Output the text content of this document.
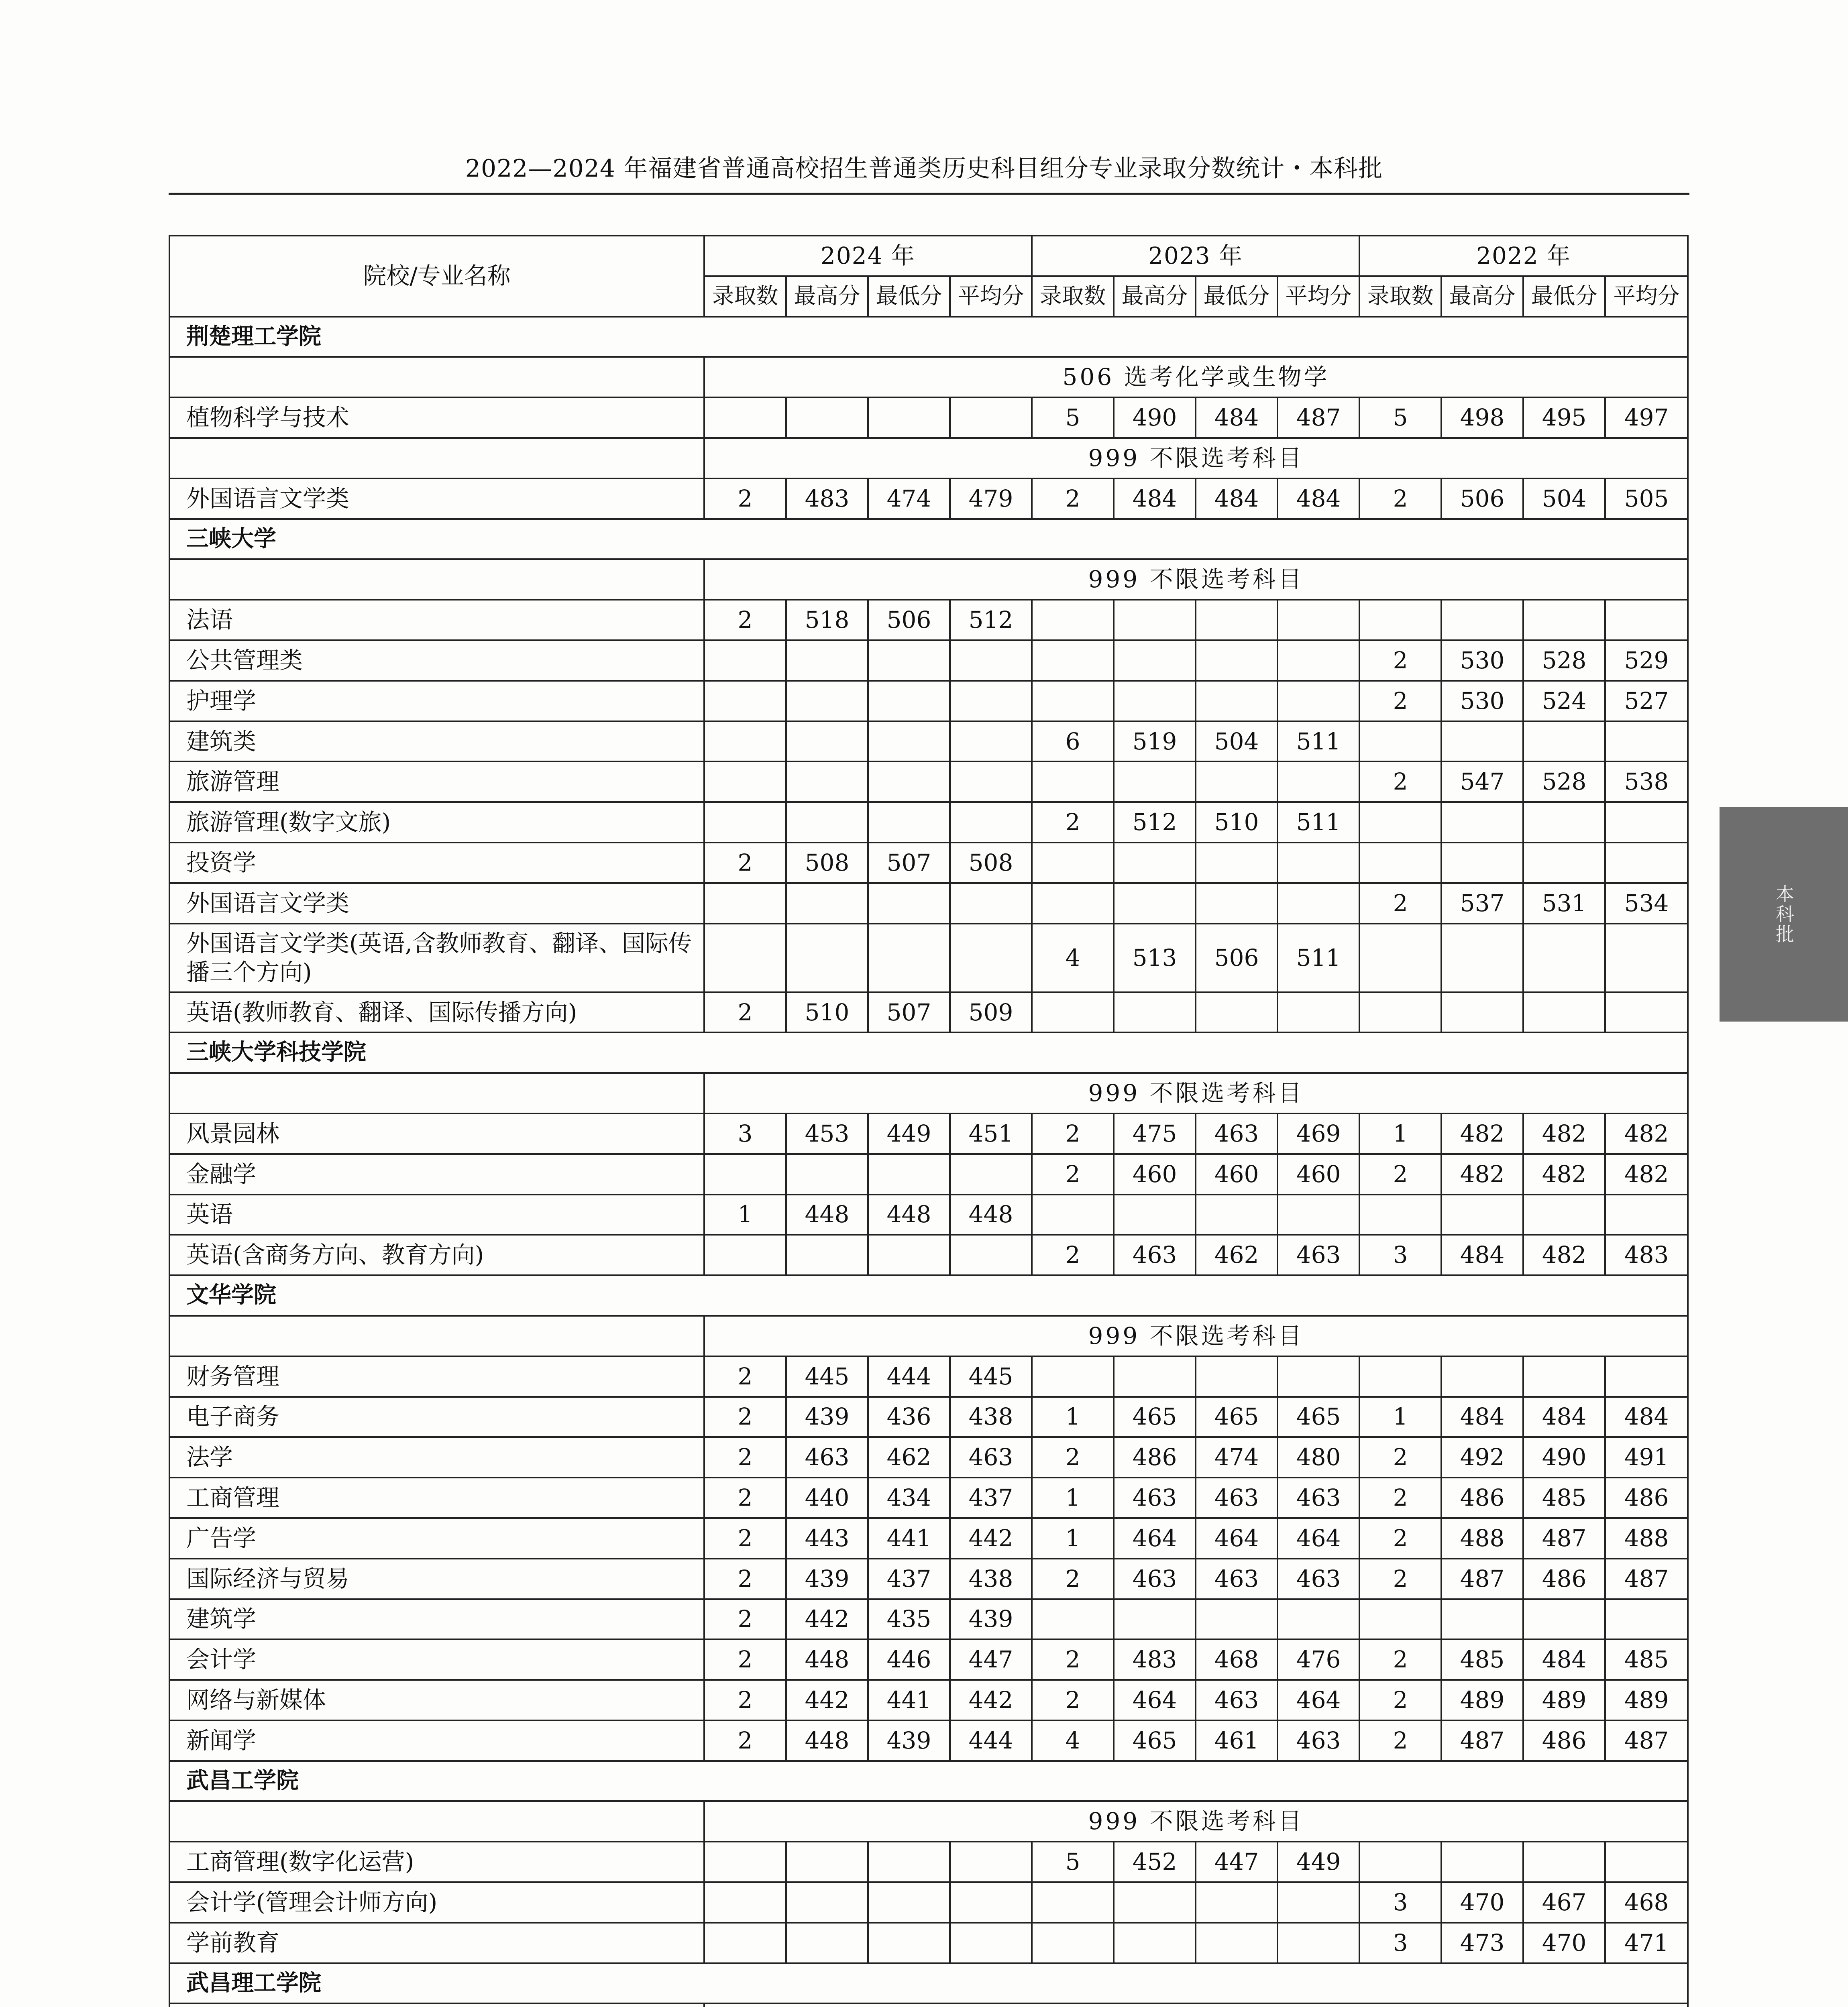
2022—2024 年福建省普通高校招生普通类历史科目组分专业录取分数统计・本科批
院校/专业名称	2024 年				2023 年				2022 年			
	录取数	最高分	最低分	平均分	录取数	最高分	最低分	平均分	录取数	最高分	最低分	平均分
荆楚理工学院												
	506 选考化学或生物学											
植物科学与技术					5	490	484	487	5	498	495	497
	999 不限选考科目											
外国语言文学类	2	483	474	479	2	484	484	484	2	506	504	505
三峡大学												
	999 不限选考科目											
法语	2	518	506	512								
公共管理类									2	530	528	529
护理学									2	530	524	527
建筑类					6	519	504	511				
旅游管理									2	547	528	538
旅游管理(数字文旅)					2	512	510	511				
投资学	2	508	507	508								
外国语言文学类									2	537	531	534
外国语言文学类(英语,含教师教育、翻译、国际传播三个方向)					4	513	506	511				
英语(教师教育、翻译、国际传播方向)	2	510	507	509								
三峡大学科技学院												
	999 不限选考科目											
风景园林	3	453	449	451	2	475	463	469	1	482	482	482
金融学					2	460	460	460	2	482	482	482
英语	1	448	448	448								
英语(含商务方向、教育方向)					2	463	462	463	3	484	482	483
文华学院												
	999 不限选考科目											
财务管理	2	445	444	445								
电子商务	2	439	436	438	1	465	465	465	1	484	484	484
法学	2	463	462	463	2	486	474	480	2	492	490	491
工商管理	2	440	434	437	1	463	463	463	2	486	485	486
广告学	2	443	441	442	1	464	464	464	2	488	487	488
国际经济与贸易	2	439	437	438	2	463	463	463	2	487	486	487
建筑学	2	442	435	439								
会计学	2	448	446	447	2	483	468	476	2	485	484	485
网络与新媒体	2	442	441	442	2	464	463	464	2	489	489	489
新闻学	2	448	439	444	4	465	461	463	2	487	486	487
武昌工学院												
	999 不限选考科目											
工商管理(数字化运营)					5	452	447	449				
会计学(管理会计师方向)									3	470	467	468
学前教育									3	473	470	471
武昌理工学院												

本科批
